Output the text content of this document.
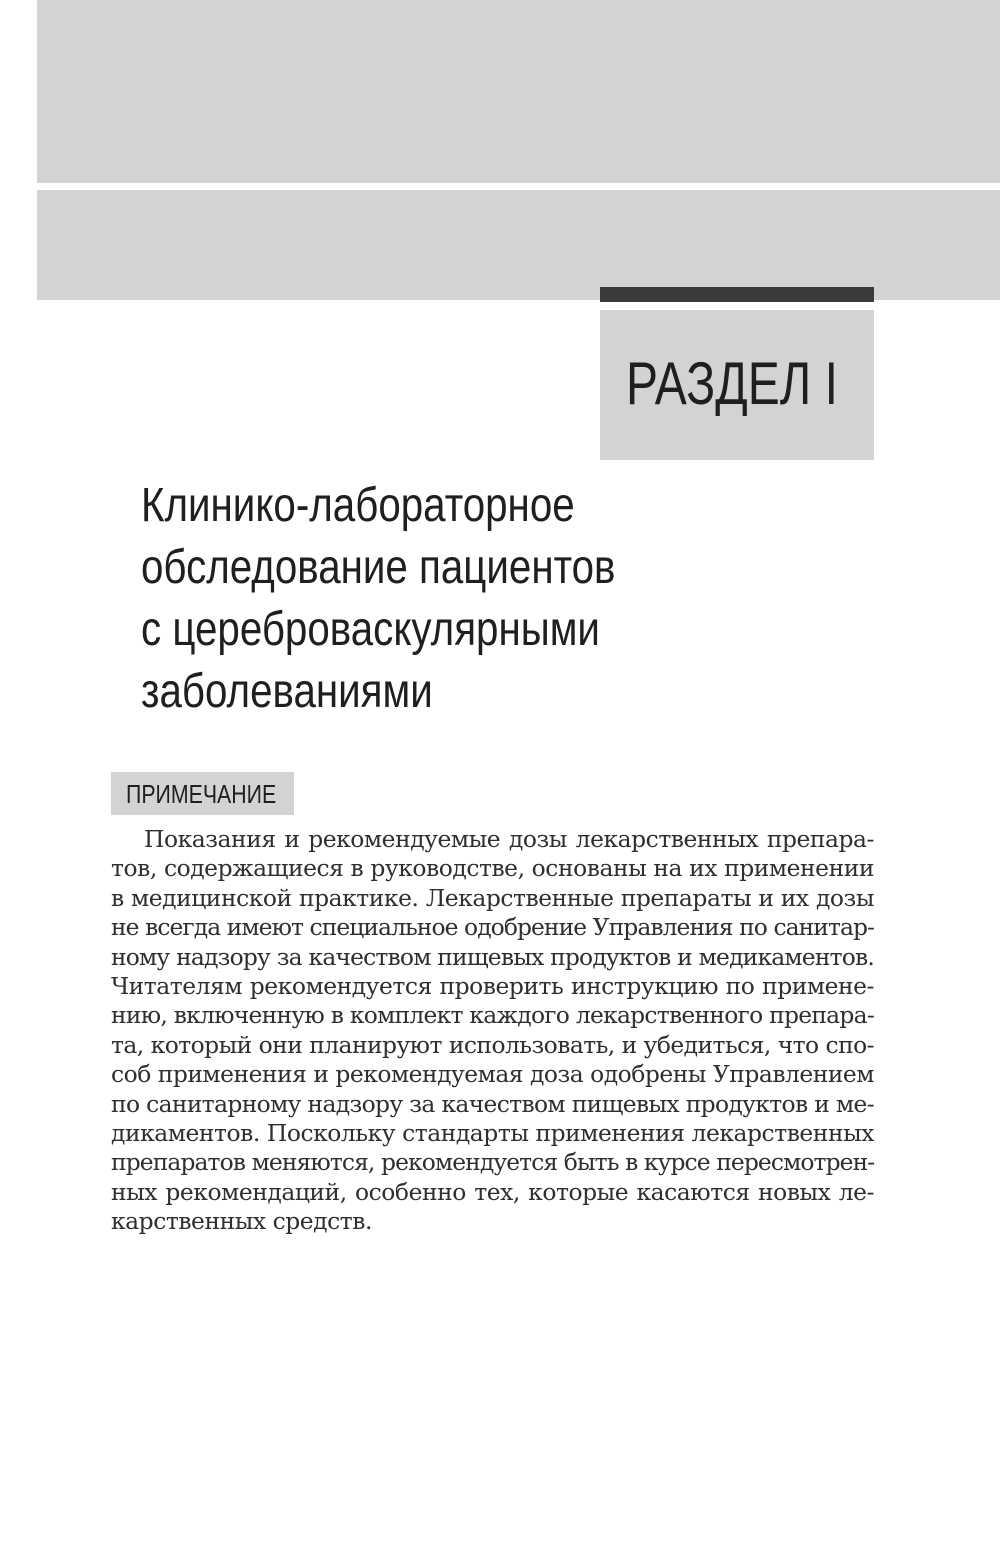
РАЗДЕЛ I
Клинико-лабораторное
обследование пациентов
с цереброваскулярными
заболеваниями
ПРИМЕЧАНИЕ
Показания и рекомендуемые дозы лекарственных препара-
тов, содержащиеся в руководстве, основаны на их применении
в медицинской практике. Лекарственные препараты и их дозы
не всегда имеют специальное одобрение Управления по санитар-
ному надзору за качеством пищевых продуктов и медикаментов.
Читателям рекомендуется проверить инструкцию по примене-
нию, включенную в комплект каждого лекарственного препара-
та, который они планируют использовать, и убедиться, что спо-
соб применения и рекомендуемая доза одобрены Управлением
по санитарному надзору за качеством пищевых продуктов и ме-
дикаментов. Поскольку стандарты применения лекарственных
препаратов меняются, рекомендуется быть в курсе пересмотрен-
ных рекомендаций, особенно тех, которые касаются новых ле-
карственных средств.
